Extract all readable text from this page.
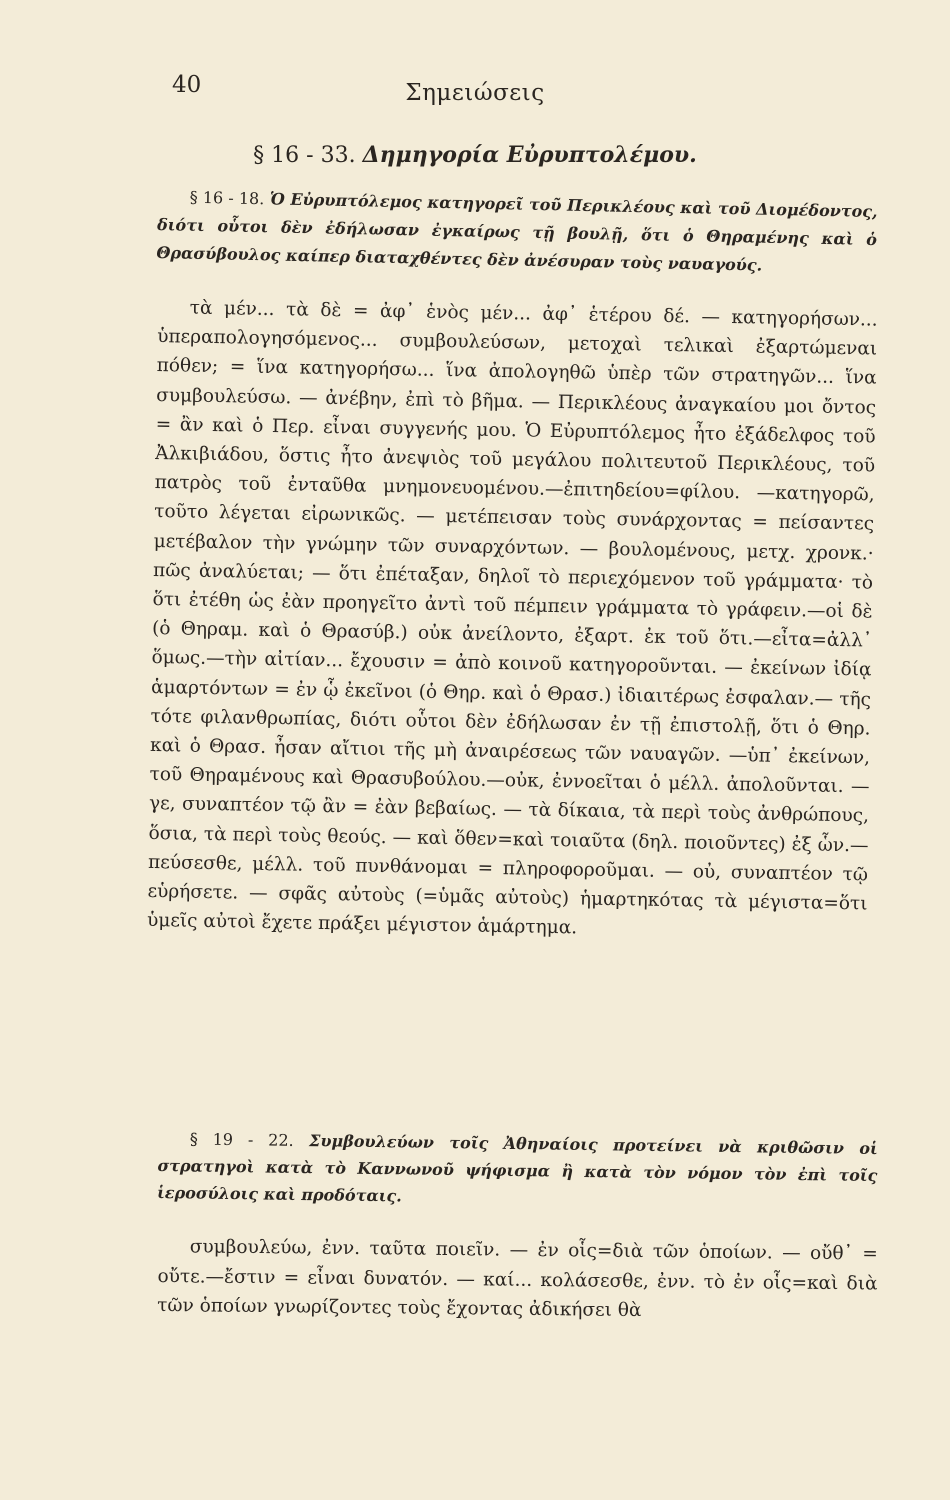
40	Σημειώσεις
§ 16 - 33. Δημηγορία Εὐρυπτολέμου.
§ 16 - 18. Ὁ Εὐρυπτόλεμος κατηγορεῖ τοῦ Περικλέους καὶ τοῦ Διομέδοντος, διότι οὗτοι δὲν ἐδήλωσαν ἐγκαίρως τῇ βουλῇ, ὅτι ὁ Θηραμένης καὶ ὁ Θρασύβουλος καίπερ διαταχθέντες δὲν ἀνέσυραν τοὺς ναυαγούς.

τὰ μέν... τὰ δὲ = ἀφ᾽ ἑνὸς μέν... ἀφ᾽ ἑτέρου δέ. — κατηγορήσων... ὑπεραπολογησόμενος... συμβουλεύσων, μετοχαὶ τελικαὶ ἐξαρτώμεναι πόθεν; = ἵνα κατηγορήσω... ἵνα ἀπολογηθῶ ὑπὲρ τῶν στρατηγῶν... ἵνα συμβουλεύσω. — ἀνέβην, ἐπὶ τὸ βῆμα. — Περικλέους ἀναγκαίου μοι ὄντος = ἂν καὶ ὁ Περ. εἶναι συγγενής μου. Ὁ Εὐρυπτόλεμος ἦτο ἐξάδελφος τοῦ Ἀλκιβιάδου, ὅστις ἦτο ἀνεψιὸς τοῦ μεγάλου πολιτευτοῦ Περικλέους, τοῦ πατρὸς τοῦ ἐνταῦθα μνημονευομένου.—ἐπιτηδείου=φίλου. —κατηγορῶ, τοῦτο λέγεται εἰρωνικῶς. — μετέπεισαν τοὺς συνάρχοντας = πείσαντες μετέβαλον τὴν γνώμην τῶν συναρχόντων. — βουλομένους, μετχ. χρονκ.· πῶς ἀναλύεται; — ὅτι ἐπέταξαν, δηλοῖ τὸ περιεχόμενον τοῦ γράμματα· τὸ ὅτι ἐτέθη ὡς ἐὰν προηγεῖτο ἀντὶ τοῦ πέμπειν γράμματα τὸ γράφειν.—οἱ δὲ (ὁ Θηραμ. καὶ ὁ Θρασύβ.) οὐκ ἀνείλοντο, ἐξαρτ. ἐκ τοῦ ὅτι.—εἶτα=ἀλλ᾽ ὅμως.—τὴν αἰτίαν... ἔχουσιν = ἀπὸ κοινοῦ κατηγοροῦνται. — ἐκείνων ἰδίᾳ ἁμαρτόντων = ἐν ᾧ ἐκεῖνοι (ὁ Θηρ. καὶ ὁ Θρασ.) ἰδιαιτέρως ἐσφαλαν.— τῆς τότε φιλανθρωπίας, διότι οὗτοι δὲν ἐδήλωσαν ἐν τῇ ἐπιστολῇ, ὅτι ὁ Θηρ. καὶ ὁ Θρασ. ἦσαν αἴτιοι τῆς μὴ ἀναιρέσεως τῶν ναυαγῶν. —ὑπ᾽ ἐκείνων, τοῦ Θηραμένους καὶ Θρασυβούλου.—οὐκ, ἐννοεῖται ὁ μέλλ. ἀπολοῦνται. — γε, συναπτέον τῷ ἂν = ἐὰν βεβαίως. — τὰ δίκαια, τὰ περὶ τοὺς ἀνθρώπους, ὅσια, τὰ περὶ τοὺς θεούς. — καὶ ὅθεν=καὶ τοιαῦτα (δηλ. ποιοῦντες) ἐξ ὧν.—πεύσεσθε, μέλλ. τοῦ πυνθάνομαι = πληροφοροῦμαι. — οὐ, συναπτέον τῷ εὑρήσετε. — σφᾶς αὐτοὺς (=ὑμᾶς αὐτοὺς) ἡμαρτηκότας τὰ μέγιστα=ὅτι ὑμεῖς αὐτοὶ ἔχετε πράξει μέγιστον ἁμάρτημα.

§ 19 - 22. Συμβουλεύων τοῖς Ἀθηναίοις προτείνει νὰ κριθῶσιν οἱ στρατηγοὶ κατὰ τὸ Καννωνοῦ ψήφισμα ἢ κατὰ τὸν νόμον τὸν ἐπὶ τοῖς ἱεροσύλοις καὶ προδόταις.

συμβουλεύω, ἐνν. ταῦτα ποιεῖν. — ἐν οἷς=διὰ τῶν ὁποίων. — οὔθ᾽ = οὔτε.—ἔστιν = εἶναι δυνατόν. — καί... κολάσεσθε, ἐνν. τὸ ἐν οἷς=καὶ διὰ τῶν ὁποίων γνωρίζοντες τοὺς ἔχοντας ἀδικήσει θὰ
